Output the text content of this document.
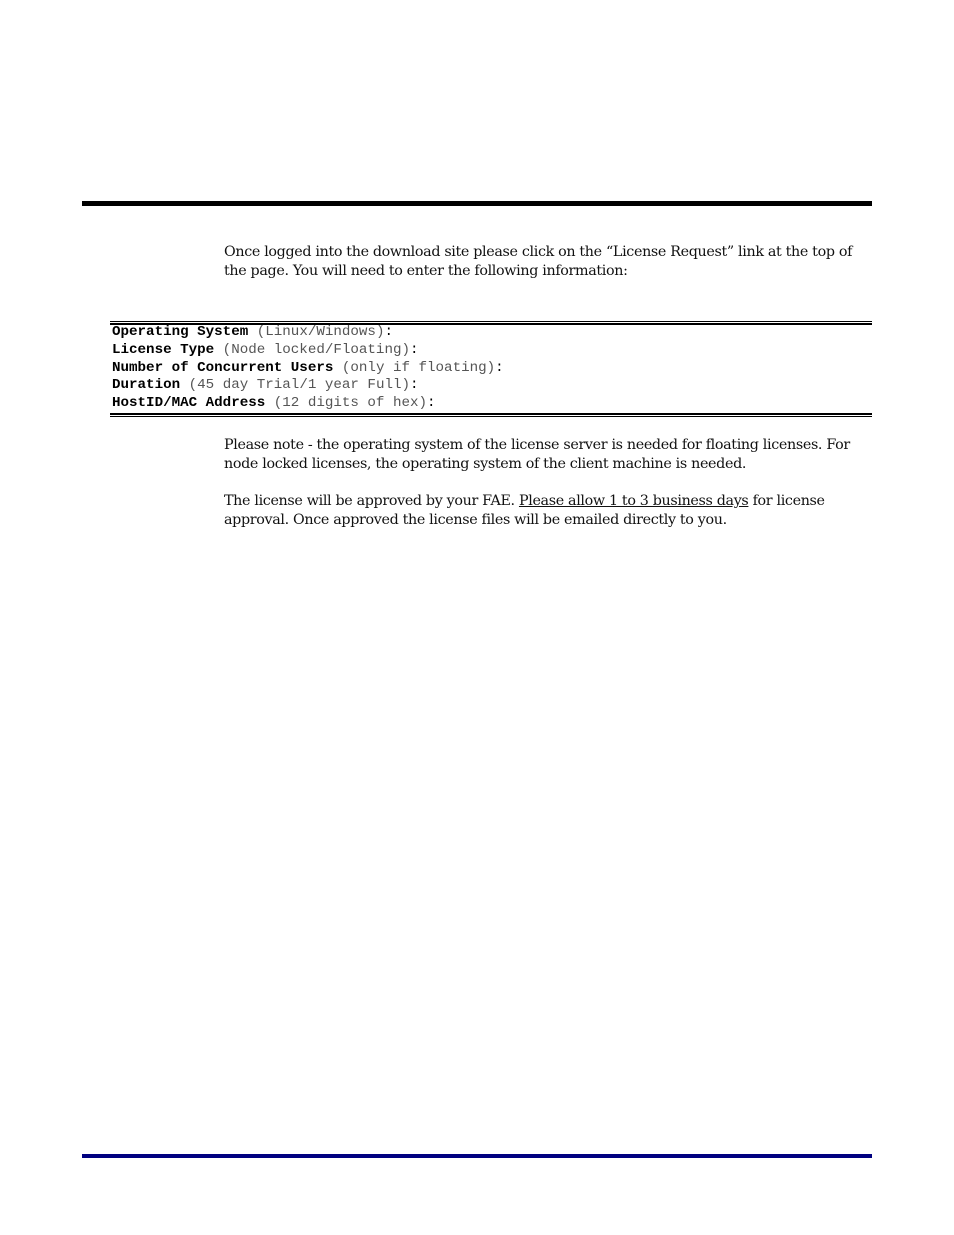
Once logged into the download site please click on the “License Request” link at the top of the page. You will need to enter the following information:

Operating System (Linux/Windows):
License Type (Node locked/Floating):
Number of Concurrent Users (only if floating):
Duration (45 day Trial/1 year Full):
HostID/MAC Address (12 digits of hex):

Please note - the operating system of the license server is needed for floating licenses. For node locked licenses, the operating system of the client machine is needed.

The license will be approved by your FAE. Please allow 1 to 3 business days for license approval. Once approved the license files will be emailed directly to you.
